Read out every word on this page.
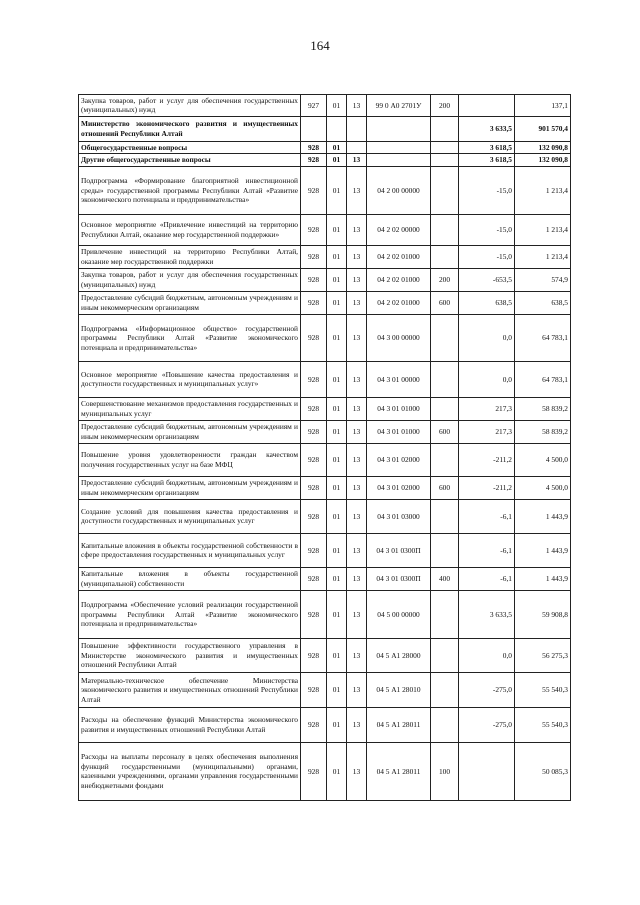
164
Закупка товаров, работ и услуг для обеспечения государственных (муниципальных) нужд	927	01	13	99 0 А0 2701У	200		137,1
Министерство экономического развития и имущественных отношений Республики Алтай						3 633,5	901 570,4
Общегосударственные вопросы	928	01				3 618,5	132 090,8
Другие общегосударственные вопросы	928	01	13			3 618,5	132 090,8
Подпрограмма «Формирование благоприятной инвестиционной среды» государственной программы Республики Алтай «Развитие экономического потенциала и предпринимательства»	928	01	13	04 2 00 00000		-15,0	1 213,4
Основное мероприятие «Привлечение инвестиций на территорию Республики Алтай, оказание мер государственной поддержки»	928	01	13	04 2 02 00000		-15,0	1 213,4
Привлечение инвестиций на территорию Республики Алтай, оказание мер государственной поддержки	928	01	13	04 2 02 01000		-15,0	1 213,4
Закупка товаров, работ и услуг для обеспечения государственных (муниципальных) нужд	928	01	13	04 2 02 01000	200	-653,5	574,9
Предоставление субсидий бюджетным, автономным учреждениям и иным некоммерческим организациям	928	01	13	04 2 02 01000	600	638,5	638,5
Подпрограмма «Информационное общество» государственной программы Республики Алтай «Развитие экономического потенциала и предпринимательства»	928	01	13	04 3 00 00000		0,0	64 783,1
Основное мероприятие «Повышение качества предоставления и доступности государственных и муниципальных услуг»	928	01	13	04 3 01 00000		0,0	64 783,1
Совершенствование механизмов предоставления государственных и муниципальных услуг	928	01	13	04 3 01 01000		217,3	58 839,2
Предоставление субсидий бюджетным, автономным учреждениям и иным некоммерческим организациям	928	01	13	04 3 01 01000	600	217,3	58 839,2
Повышение уровня удовлетворенности граждан качеством получения государственных услуг на базе МФЦ	928	01	13	04 3 01 02000		-211,2	4 500,0
Предоставление субсидий бюджетным, автономным учреждениям и иным некоммерческим организациям	928	01	13	04 3 01 02000	600	-211,2	4 500,0
Создание условий для повышения качества предоставления и доступности государственных и муниципальных услуг	928	01	13	04 3 01 03000		-6,1	1 443,9
Капитальные вложения в объекты государственной собственности в сфере предоставления государственных и муниципальных услуг	928	01	13	04 3 01 0300П		-6,1	1 443,9
Капитальные вложения в объекты государственной (муниципальной) собственности	928	01	13	04 3 01 0300П	400	-6,1	1 443,9
Подпрограмма «Обеспечение условий реализации государственной программы Республики Алтай «Развитие экономического потенциала и предпринимательства»	928	01	13	04 5 00 00000		3 633,5	59 908,8
Повышение эффективности государственного управления в Министерстве экономического развития и имущественных отношений Республики Алтай	928	01	13	04 5 А1 28000		0,0	56 275,3
Материально-техническое обеспечение Министерства экономического развития и имущественных отношений Республики Алтай	928	01	13	04 5 А1 28010		-275,0	55 540,3
Расходы на обеспечение функций Министерства экономического развития и имущественных отношений Республики Алтай	928	01	13	04 5 А1 28011		-275,0	55 540,3
Расходы на выплаты персоналу в целях обеспечения выполнения функций государственными (муниципальными) органами, казенными учреждениями, органами управления государственными внебюджетными фондами	928	01	13	04 5 А1 28011	100		50 085,3
